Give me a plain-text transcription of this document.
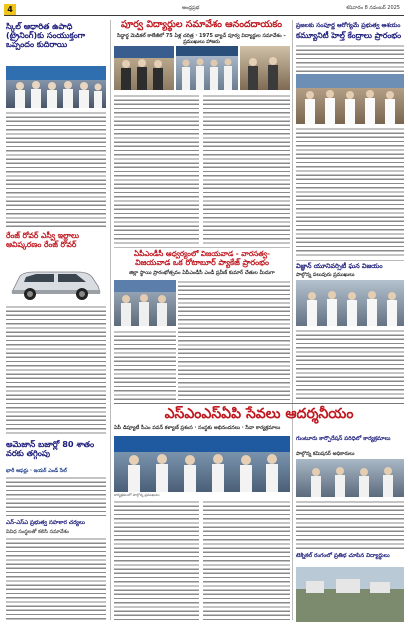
4	ఆంధ్రప్రభ	శనివారం 8 నవంబర్ 2025
స్కిల్ ఆధారిత ఉపాధి (ట్రైనింగ్)కు సంయుక్తంగా ఒప్పందం కుదిరాయి
రేంజ్ రోవర్ ఎస్వీ ఇల్లాలు ఆవిష్కరణం రేంజ్ రోవర్
అమెజాన్ బజార్లో 80 శాతం వరకు తగ్గింపు
భారీ ఆఫర్లు · ఇయర్ ఎండ్ సేల్
ఎన్-ఎస్ఎ ప్రభుత్వ సహకార చర్యలు
వివిధ సంస్థలతో కలిసి సమావేశం
పూర్వ విద్యార్థుల సమావేశం ఆనందదాయకం
సిద్ధార్థ మెడికల్ కాలేజీలో 75 ఏళ్ల చరిత్ర · 1975 బ్యాచ్ పూర్వ విద్యార్థుల సమావేశం – ప్రముఖులు హాజరు
ఏపీఎండీసీ ఆధ్వర్యంలో విజయవాడ - వారసత్వ-
విజయవాడ ఒక రోటాబూర్ ప్యాకేజ్ ప్రారంభం
జిల్లా స్థాయి ప్రారంభోత్సవం ఏపీఎండీసీ ఎండీ ప్రవీణ్ కుమార్ చేతుల మీదుగా
ఎస్ఎంఎస్ఏపి సేవలు ఆదర్శనీయం
ఏపీ డిప్యూటీ సీఎం పవన్ కళ్యాణ్ ప్రశంస · సంస్థకు అభినందనలు · సేవా కార్యక్రమాలు
కార్యక్రమంలో పాల్గొన్న ప్రముఖులు
ప్రజలకు సంపూర్ణ ఆరోగ్యమే ప్రభుత్వ ఆశయం
కమ్యూనిటీ హెల్త్ కేంద్రాలు ప్రారంభం
విజ్ఞాన్ యూనివర్సిటీ ఘన విజయం
పాల్గొన్న పలువురు ప్రముఖులు
గుంటూరు కార్పొరేషన్ పరిధిలో కార్యక్రమాలు
పాల్గొన్న కమిషనర్ అధికారులు
టెక్నికల్ రంగంలో ప్రతిభ చూపిన విద్యార్థులు
